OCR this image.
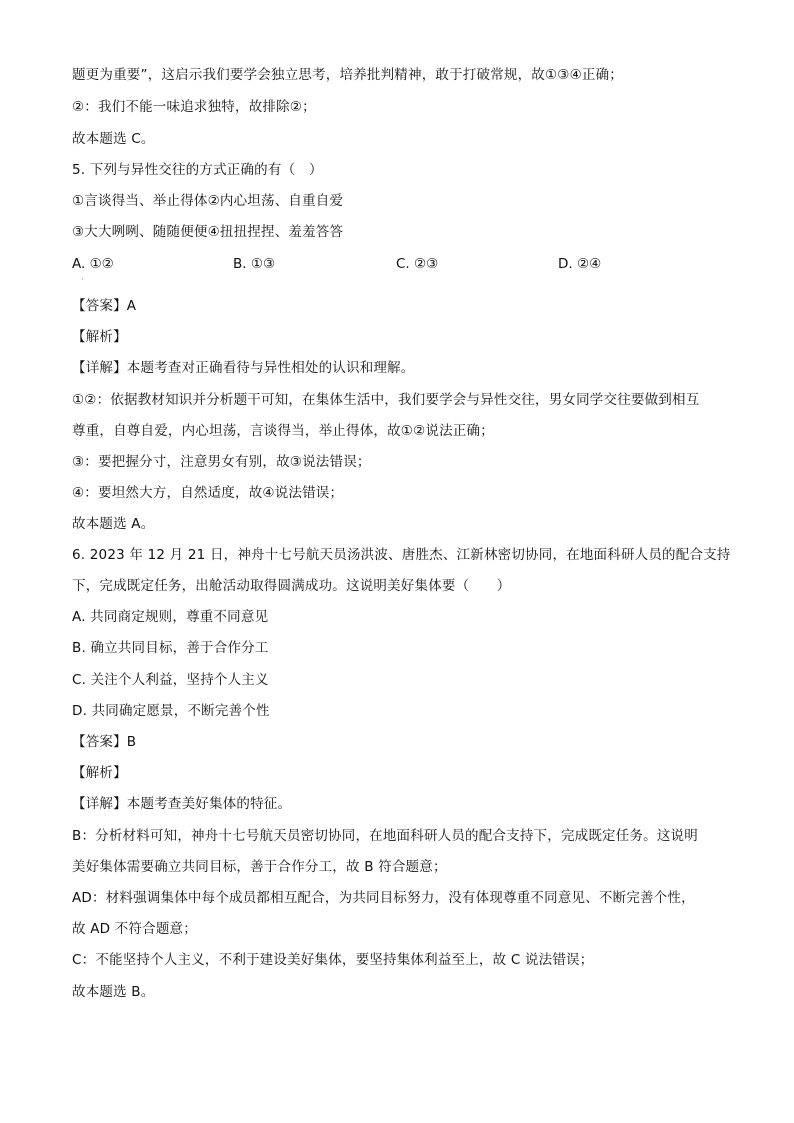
题更为重要”，这启示我们要学会独立思考，培养批判精神，敢于打破常规，故①③④正确；
②：我们不能一味追求独特，故排除②；
故本题选 C。
5. 下列与异性交往的方式正确的有（　）
①言谈得当、举止得体②内心坦荡、自重自爱
③大大咧咧、随随便便④扭扭捏捏、羞羞答答
A. ①②	B. ①③	C. ②③	D. ②④
·
【答案】A
【解析】
【详解】本题考查对正确看待与异性相处的认识和理解。
①②：依据教材知识并分析题干可知，在集体生活中，我们要学会与异性交往，男女同学交往要做到相互
尊重，自尊自爱，内心坦荡，言谈得当，举止得体，故①②说法正确；
③：要把握分寸，注意男女有别，故③说法错误；
④：要坦然大方，自然适度，故④说法错误；
故本题选 A。
6. 2023 年 12 月 21 日，神舟十七号航天员汤洪波、唐胜杰、江新林密切协同，在地面科研人员的配合支持
下，完成既定任务，出舱活动取得圆满成功。这说明美好集体要（　　）
A. 共同商定规则，尊重不同意见
B. 确立共同目标，善于合作分工
C. 关注个人利益，坚持个人主义
D. 共同确定愿景，不断完善个性
【答案】B
【解析】
【详解】本题考查美好集体的特征。
B：分析材料可知，神舟十七号航天员密切协同，在地面科研人员的配合支持下，完成既定任务。这说明
美好集体需要确立共同目标，善于合作分工，故 B 符合题意；
AD：材料强调集体中每个成员都相互配合，为共同目标努力，没有体现尊重不同意见、不断完善个性，
故 AD 不符合题意；
C：不能坚持个人主义，不利于建设美好集体，要坚持集体利益至上，故 C 说法错误；
故本题选 B。
